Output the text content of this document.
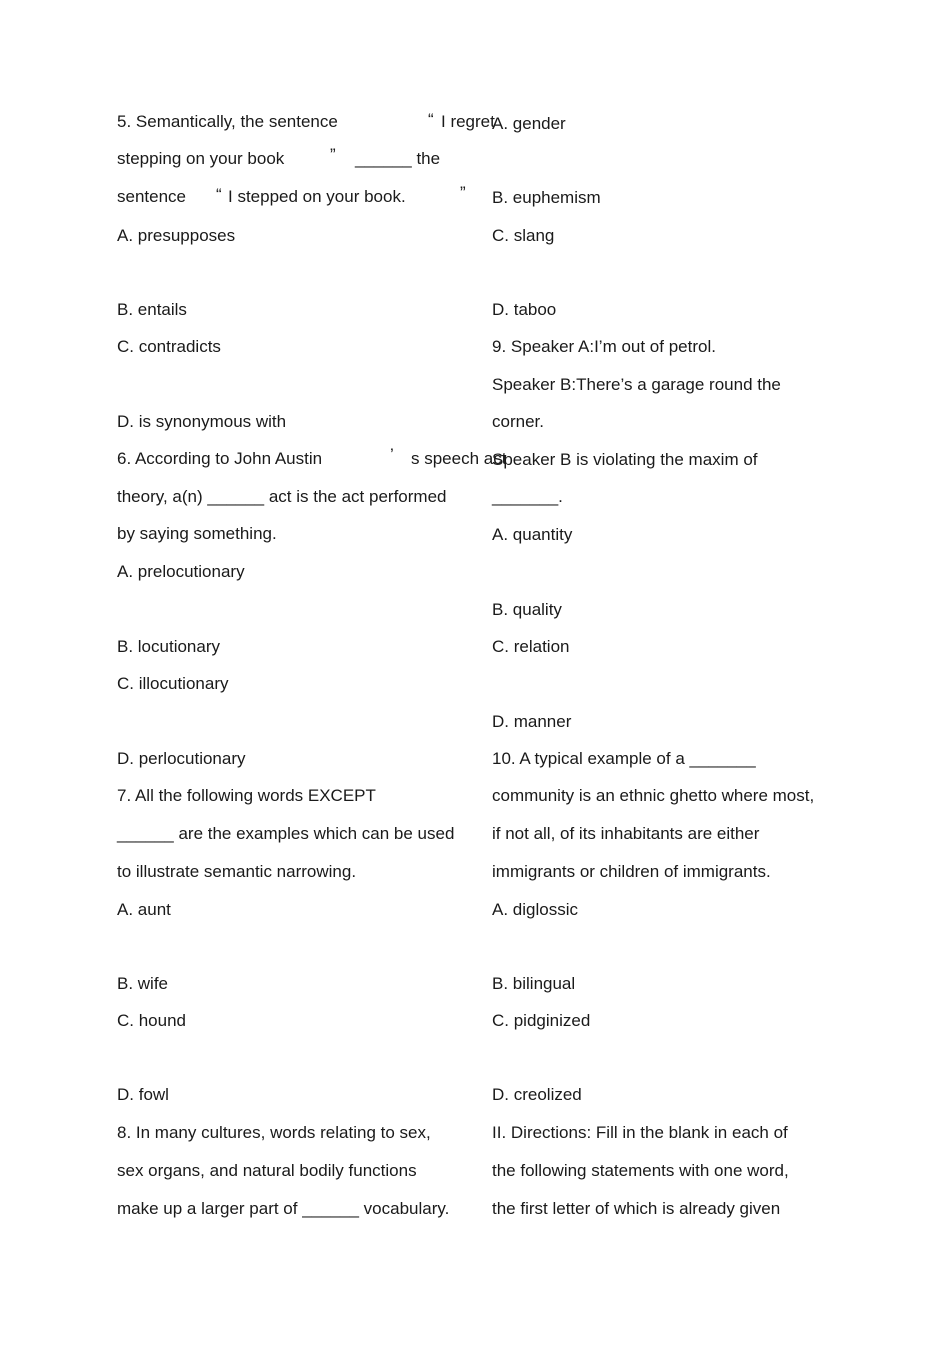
5. Semantically, the sentence	“ I regret
stepping on your book	” ______ the
sentence “ I stepped on your book.	”
A. presupposes
B. entails
C. contradicts
D. is synonymous with
6. According to John Austin	’ s speech act
theory, a(n) ______ act is the act performed
by saying something.
A. prelocutionary
B. locutionary
C. illocutionary
D. perlocutionary
7. All the following words EXCEPT
______ are the examples which can be used
to illustrate semantic narrowing.
A. aunt
B. wife
C. hound
D. fowl
8. In many cultures, words relating to sex,
sex organs, and natural bodily functions
make up a larger part of ______ vocabulary.
A. gender
B. euphemism
C. slang
D. taboo
9. Speaker A:I’m out of petrol.
Speaker B:There’s a garage round the
corner.
Speaker B is violating the maxim of
_______.
A. quantity
B. quality
C. relation
D. manner
10. A typical example of a _______
community is an ethnic ghetto where most,
if not all, of its inhabitants are either
immigrants or children of immigrants.
A. diglossic
B. bilingual
C. pidginized
D. creolized
II. Directions: Fill in the blank in each of
the following statements with one word,
the first letter of which is already given
